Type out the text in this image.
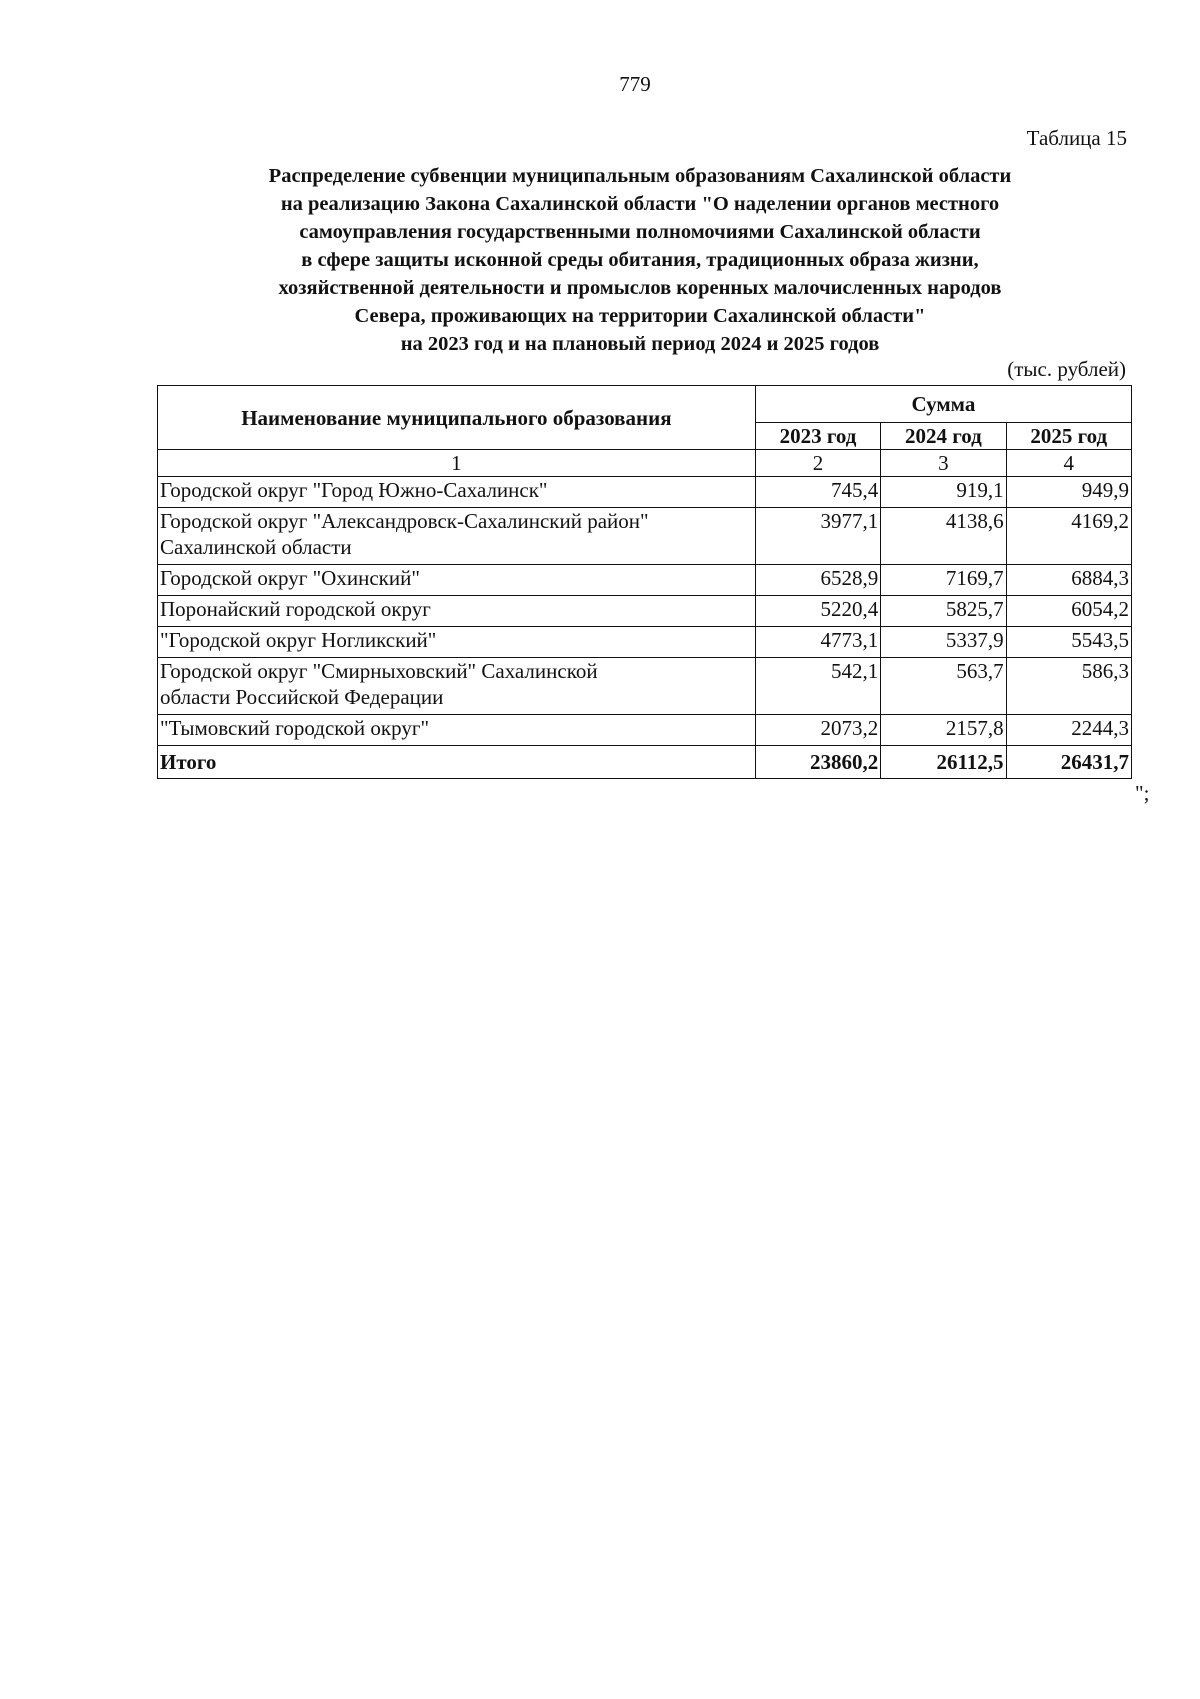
779
Таблица 15
Распределение субвенции муниципальным образованиям Сахалинской области
на реализацию Закона Сахалинской области "О наделении органов местного
самоуправления государственными полномочиями Сахалинской области
в сфере защиты исконной среды обитания, традиционных образа жизни,
хозяйственной деятельности и промыслов коренных малочисленных народов
Севера, проживающих на территории Сахалинской области"
на 2023 год и на плановый период 2024 и 2025 годов
(тыс. рублей)
Наименование муниципального образования	Сумма		
	2023 год	2024 год	2025 год
1	2	3	4

Городской округ "Город Южно-Сахалинск"	745,4	919,1	949,9

Городской округ "Александровск-Сахалинский район"
Сахалинской области	3977,1	4138,6	4169,2

Городской округ "Охинский"	6528,9	7169,7	6884,3

Поронайский городской округ	5220,4	5825,7	6054,2

"Городской округ Ногликский"	4773,1	5337,9	5543,5

Городской округ "Смирныховский" Сахалинской
области Российской Федерации	542,1	563,7	586,3

"Тымовский городской округ"	2073,2	2157,8	2244,3
Итого	23860,2	26112,5	26431,7
";
